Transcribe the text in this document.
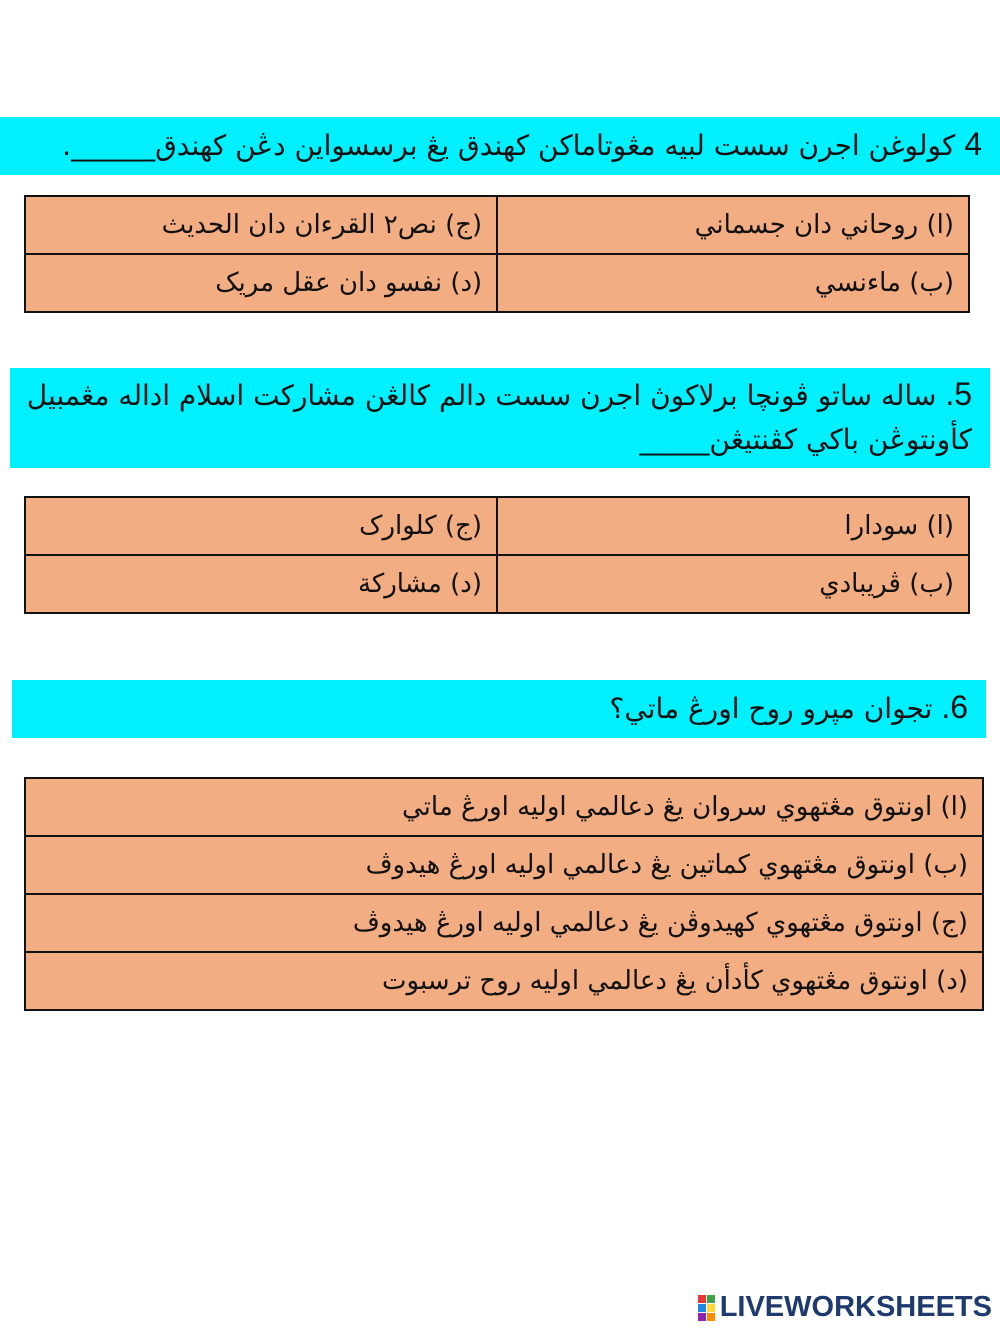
4 كولوغن اجرن سست لبيه مڠوتاماکن كهندق يڠ برسسواين دڠن كهندق______.
(ا) روحاني دان جسماني	(ج) نص٢ القرءان دان الحديث
(ب) ماءنسي	(د) نفسو دان عقل مريک
5. ساله ساتو ڤونچا برلاكوڽ اجرن سست دالم كالڠن مشاركت اسلام اداله مڠمبيل كأونتوڠن باكي كڤنتيڠن_____
(ا) سودارا	(ج) كلوارک
(ب) ڤريبادي	(د) مشاركة
6. تجوان مپرو روح اورڠ ماتي؟
(ا) اونتوق مڠتهوي سروان يڠ دعالمي اوليه اورڠ ماتي
(ب) اونتوق مڠتهوي كماتين يڠ دعالمي اوليه اورڠ هيدوڤ
(ج) اونتوق مڠتهوي كهيدوڤن يڠ دعالمي اوليه اورڠ هيدوڤ
(د) اونتوق مڠتهوي كأدأن يڠ دعالمي اوليه روح ترسبوت
LIVEWORKSHEETS
